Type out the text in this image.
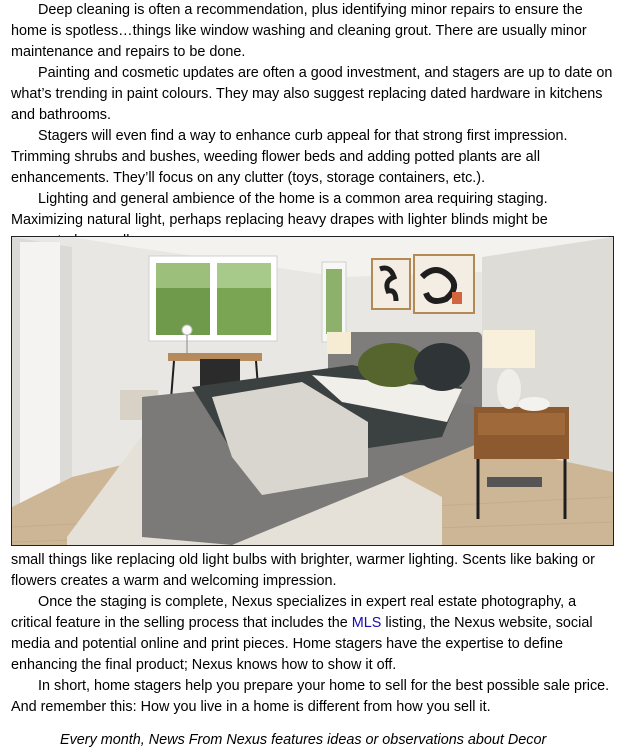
Deep cleaning is often a recommendation, plus identifying minor repairs to ensure the home is spotless…things like window washing and cleaning grout. There are usually minor maintenance and repairs to be done.

Painting and cosmetic updates are often a good investment, and stagers are up to date on what’s trending in paint colours. They may also suggest replacing dated hardware in kitchens and bathrooms.

Stagers will even find a way to enhance curb appeal for that strong first impression. Trimming shrubs and bushes, weeding flower beds and adding potted plants are all enhancements. They’ll focus on any clutter (toys, storage containers, etc.).

Lighting and general ambience of the home is a common area requiring staging. Maximizing natural light, perhaps replacing heavy drapes with lighter blinds might be

small things like replacing old light bulbs with brighter, warmer lighting. Scents like baking or flowers creates a warm and welcoming impression.

Once the staging is complete, Nexus specializes in expert real estate photography, a critical feature in the selling process that includes the MLS listing, the Nexus website, social media and potential online and print pieces. Home stagers have the expertise to define enhancing the final product; Nexus knows how to show it off.

In short, home stagers help you prepare your home to sell for the best possible sale price. And remember this: How you live in a home is different from how you sell it.

Every month, News From Nexus features ideas or observations about Decor
